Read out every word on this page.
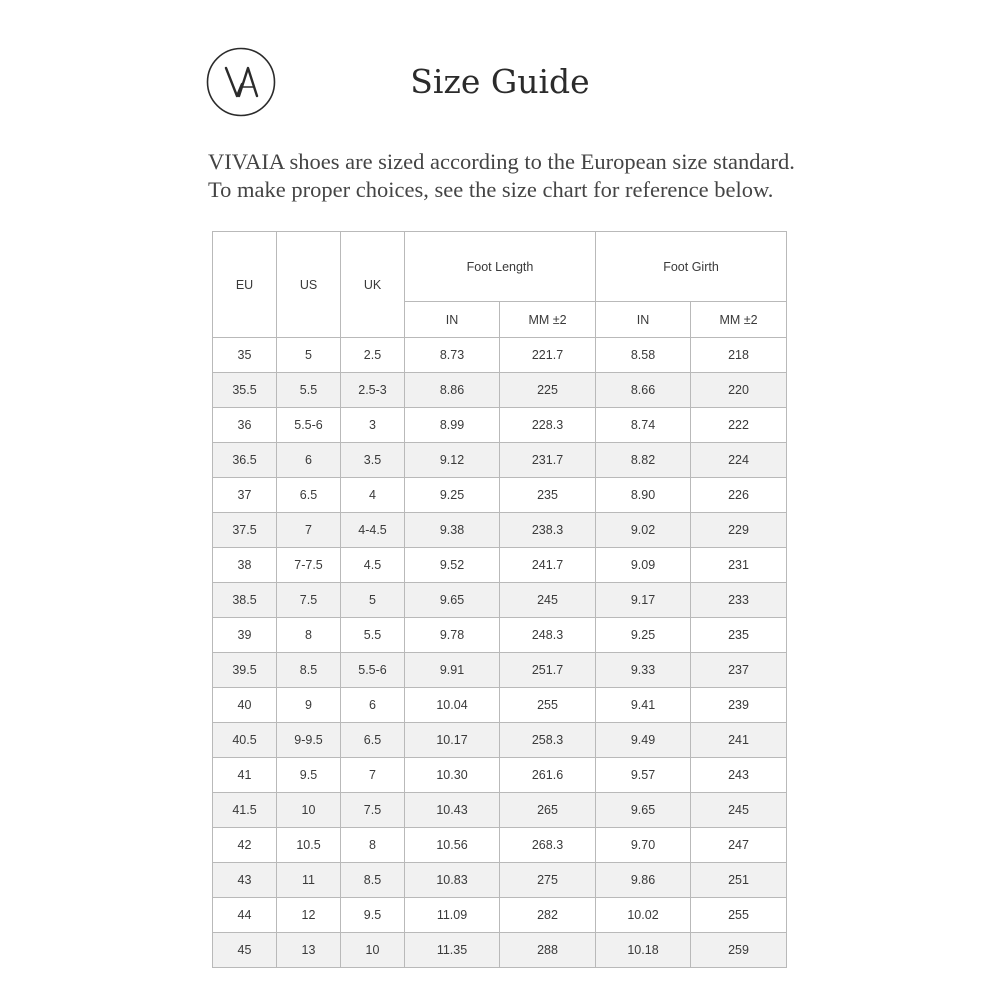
Size Guide
VIVAIA shoes are sized according to the European size standard.
To make proper choices, see the size chart for reference below.
EU	US	UK	Foot Length		Foot Girth	
			IN	MM ±2	IN	MM ±2
35	5	2.5	8.73	221.7	8.58	218
35.5	5.5	2.5-3	8.86	225	8.66	220
36	5.5-6	3	8.99	228.3	8.74	222
36.5	6	3.5	9.12	231.7	8.82	224
37	6.5	4	9.25	235	8.90	226
37.5	7	4-4.5	9.38	238.3	9.02	229
38	7-7.5	4.5	9.52	241.7	9.09	231
38.5	7.5	5	9.65	245	9.17	233
39	8	5.5	9.78	248.3	9.25	235
39.5	8.5	5.5-6	9.91	251.7	9.33	237
40	9	6	10.04	255	9.41	239
40.5	9-9.5	6.5	10.17	258.3	9.49	241
41	9.5	7	10.30	261.6	9.57	243
41.5	10	7.5	10.43	265	9.65	245
42	10.5	8	10.56	268.3	9.70	247
43	11	8.5	10.83	275	9.86	251
44	12	9.5	11.09	282	10.02	255
45	13	10	11.35	288	10.18	259
